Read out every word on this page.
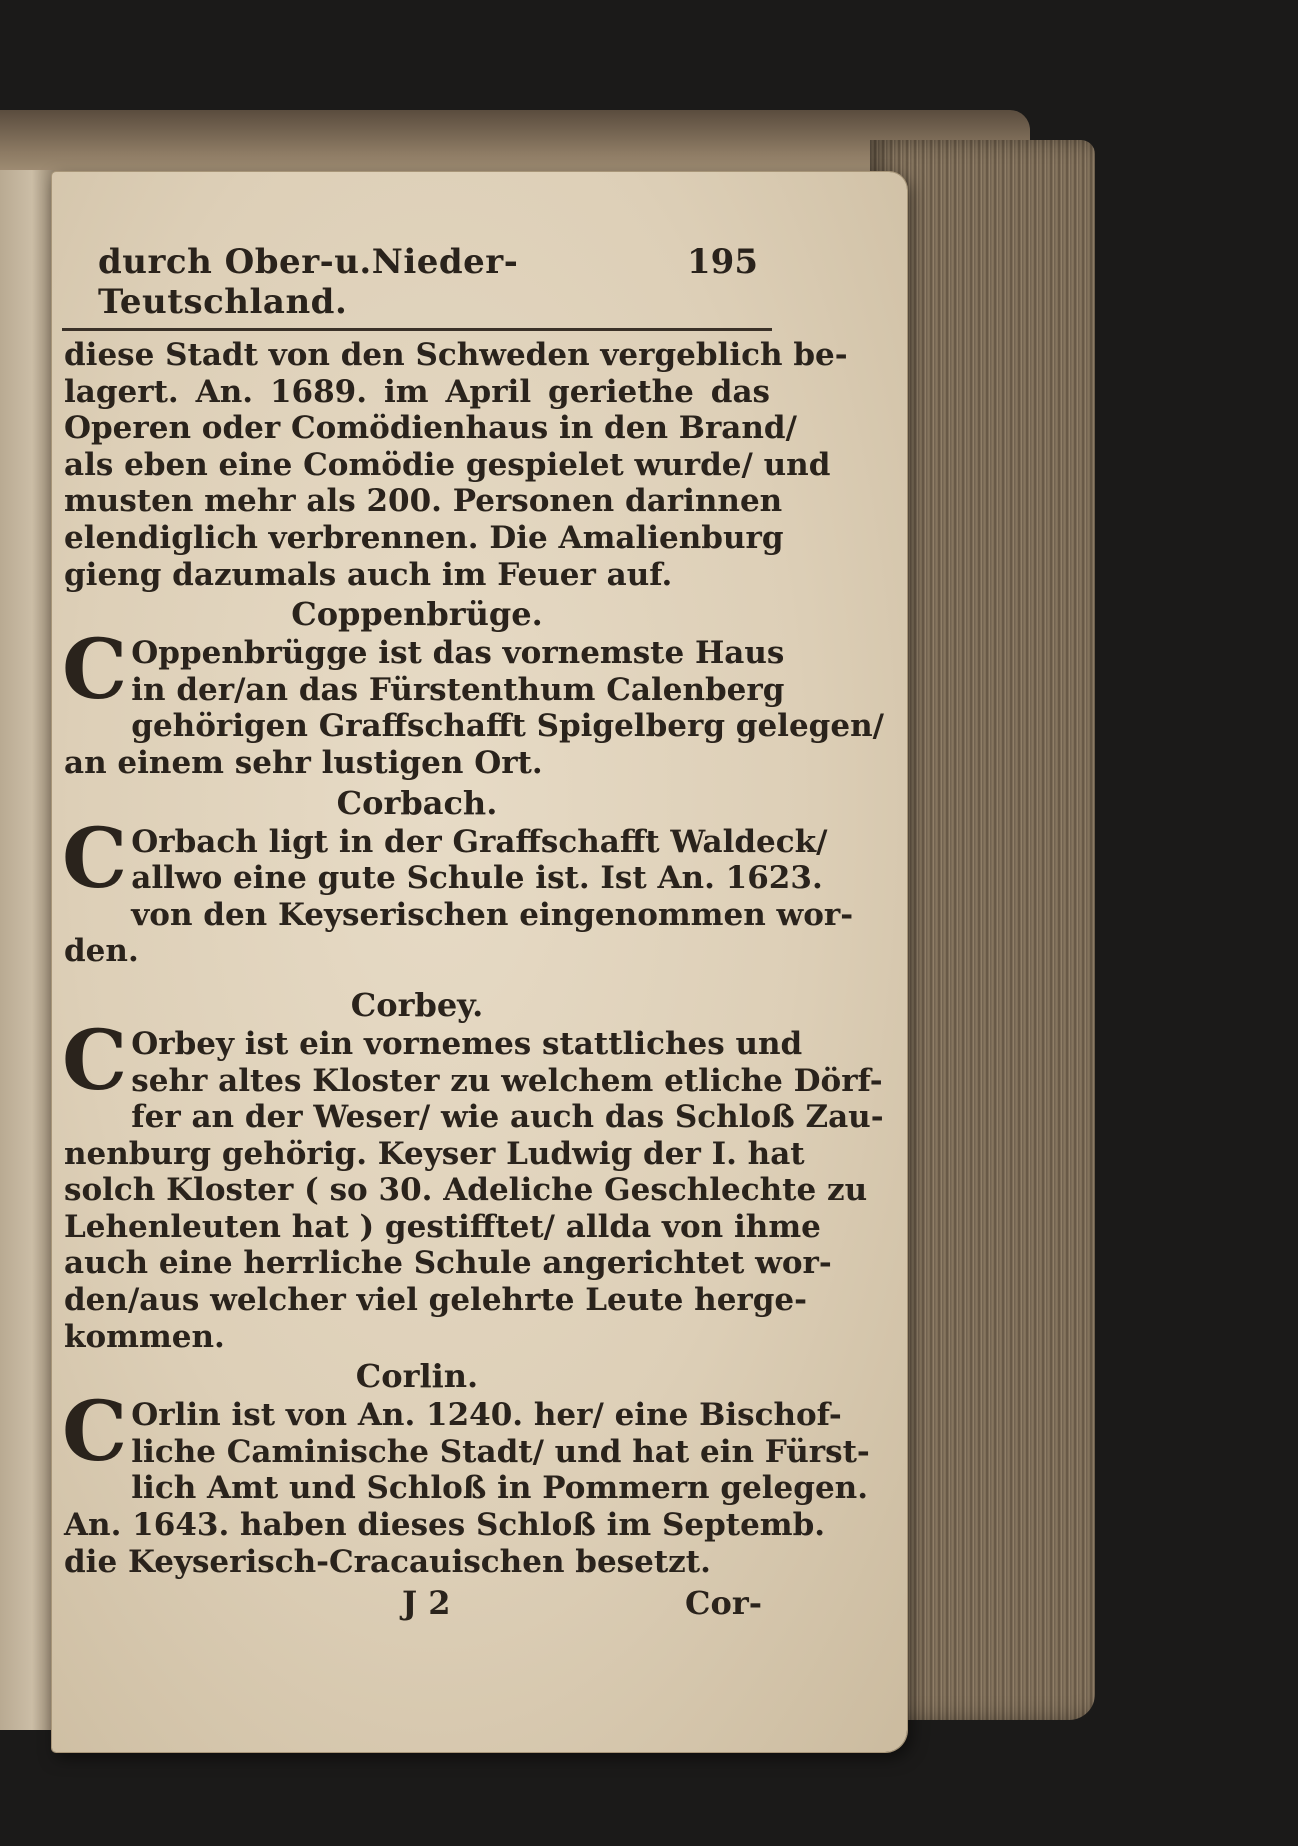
durch Ober-u.Nieder-Teutschland.
195
diese Stadt von den Schweden vergeblich be-
lagert. An. 1689. im April geriethe das
Operen oder Comödienhaus in den Brand/
als eben eine Comödie gespielet wurde/ und
musten mehr als 200. Personen darinnen
elendiglich verbrennen. Die Amalienburg
gieng dazumals auch im Feuer auf.
Coppenbrüge.
C Oppenbrügge ist das vornemste Haus
in der/an das Fürstenthum Calenberg
gehörigen Graffschafft Spigelberg gelegen/
an einem sehr lustigen Ort.
Corbach.
C Orbach ligt in der Graffschafft Waldeck/
allwo eine gute Schule ist. Ist An. 1623.
von den Keyserischen eingenommen wor-
den.
Corbey.
C Orbey ist ein vornemes stattliches und
sehr altes Kloster zu welchem etliche Dörf-
fer an der Weser/ wie auch das Schloß Zau-
nenburg gehörig. Keyser Ludwig der I. hat
solch Kloster ( so 30. Adeliche Geschlechte zu
Lehenleuten hat ) gestifftet/ allda von ihme
auch eine herrliche Schule angerichtet wor-
den/aus welcher viel gelehrte Leute herge-
kommen.
Corlin.
C Orlin ist von An. 1240. her/ eine Bischof-
liche Caminische Stadt/ und hat ein Fürst-
lich Amt und Schloß in Pommern gelegen.
An. 1643. haben dieses Schloß im Septemb.
die Keyserisch-Cracauischen besetzt.
J 2	Cor-
